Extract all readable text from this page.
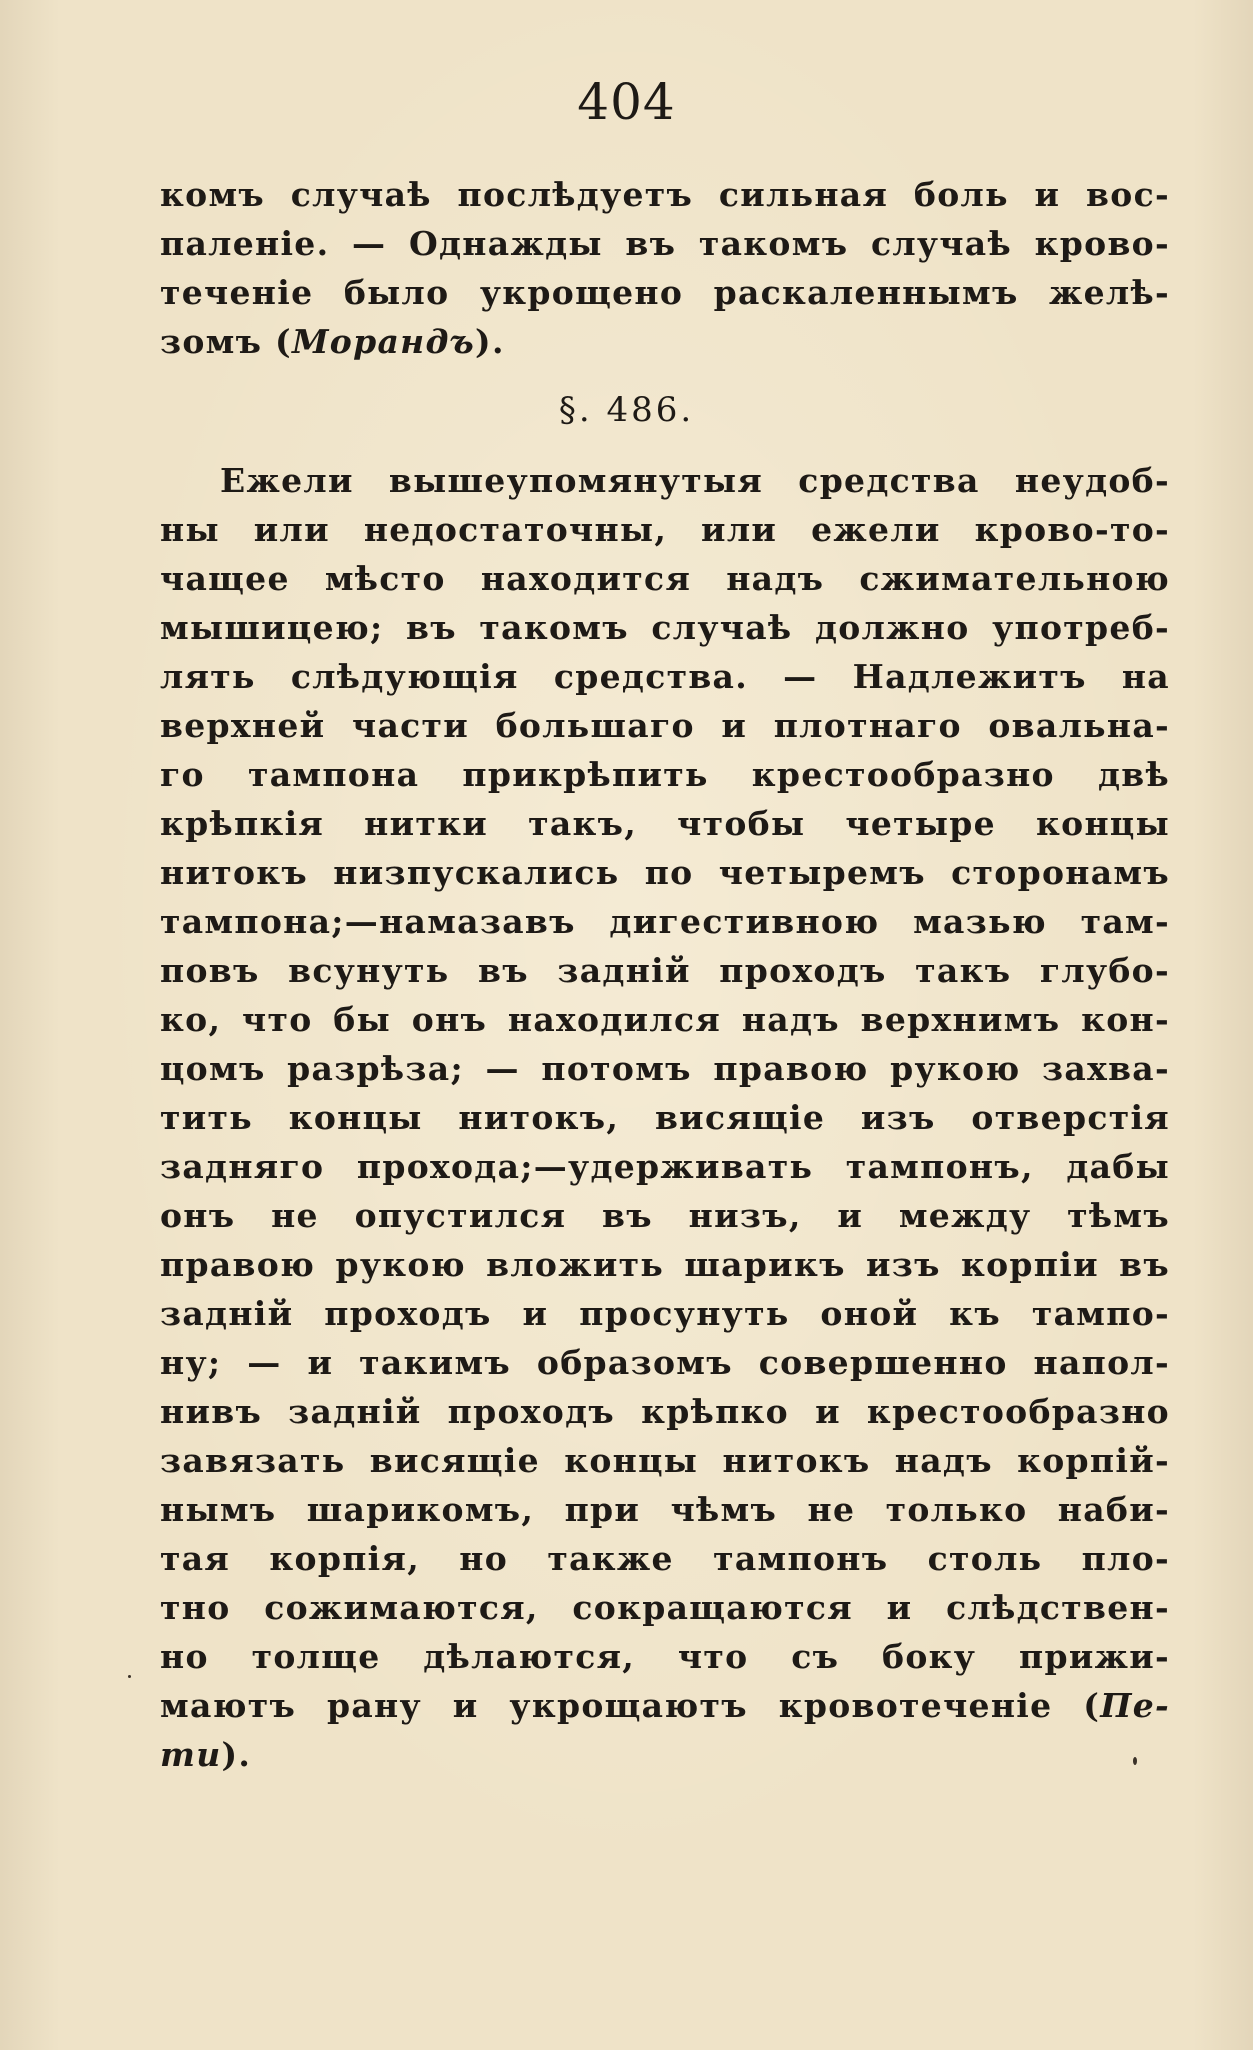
404
комъ случаѣ послѣдуетъ сильная боль и вос-
паленіе. — Однажды въ такомъ случаѣ крово-
теченіе было укрощено раскаленнымъ желѣ-
зомъ (Морандъ).
§. 486.
Ежели вышеупомянутыя средства неудоб-
ны или недостаточны, или ежели крово-то-
чащее мѣсто находится надъ сжимательною
мышицею; въ такомъ случаѣ должно употреб-
лять слѣдующія средства. — Надлежитъ на
верхней части большаго и плотнаго овальна-
го тампона прикрѣпить крестообразно двѣ
крѣпкія нитки такъ, чтобы четыре концы
нитокъ низпускались по четыремъ сторонамъ
тампона;—намазавъ дигестивною мазью там-
повъ всунуть въ задній проходъ такъ глубо-
ко, что бы онъ находился надъ верхнимъ кон-
цомъ разрѣза; — потомъ правою рукою захва-
тить концы нитокъ, висящіе изъ отверстія
задняго прохода;—удерживать тампонъ, дабы
онъ не опустился въ низъ, и между тѣмъ
правою рукою вложить шарикъ изъ корпіи въ
задній проходъ и просунуть оной къ тампо-
ну; — и такимъ образомъ совершенно напол-
нивъ задній проходъ крѣпко и крестообразно
завязать висящіе концы нитокъ надъ корпій-
нымъ шарикомъ, при чѣмъ не только наби-
тая корпія, но также тампонъ столь пло-
тно сожимаются, сокращаются и слѣдствен-
но толще дѣлаются, что съ боку прижи-
маютъ рану и укрощаютъ кровотеченіе (Пе-
ти).
